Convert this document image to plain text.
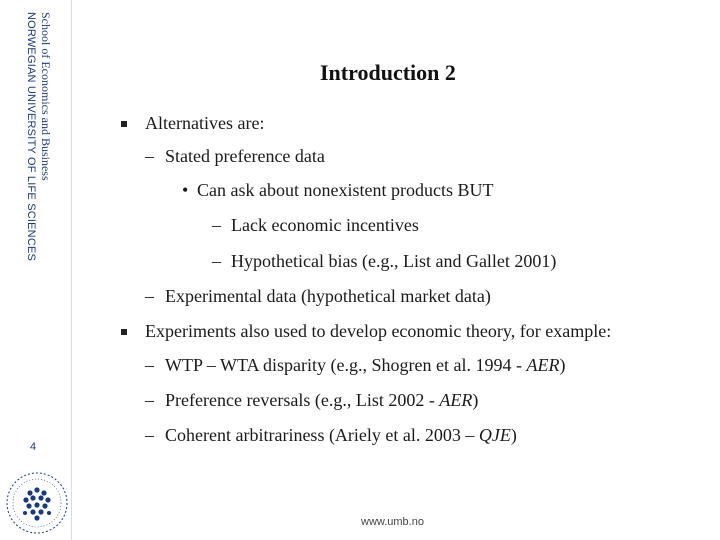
School of Economics and Business
NORWEGIAN UNIVERSITY OF LIFE SCIENCES
4
Introduction 2
Alternatives are:
– Stated preference data
• Can ask about nonexistent products BUT
– Lack economic incentives
– Hypothetical bias (e.g., List and Gallet 2001)
– Experimental data (hypothetical market data)
Experiments also used to develop economic theory, for example:
– WTP – WTA disparity (e.g., Shogren et al. 1994 - AER)
– Preference reversals (e.g., List 2002 - AER)
– Coherent arbitrariness (Ariely et al. 2003 – QJE)
www.umb.no
